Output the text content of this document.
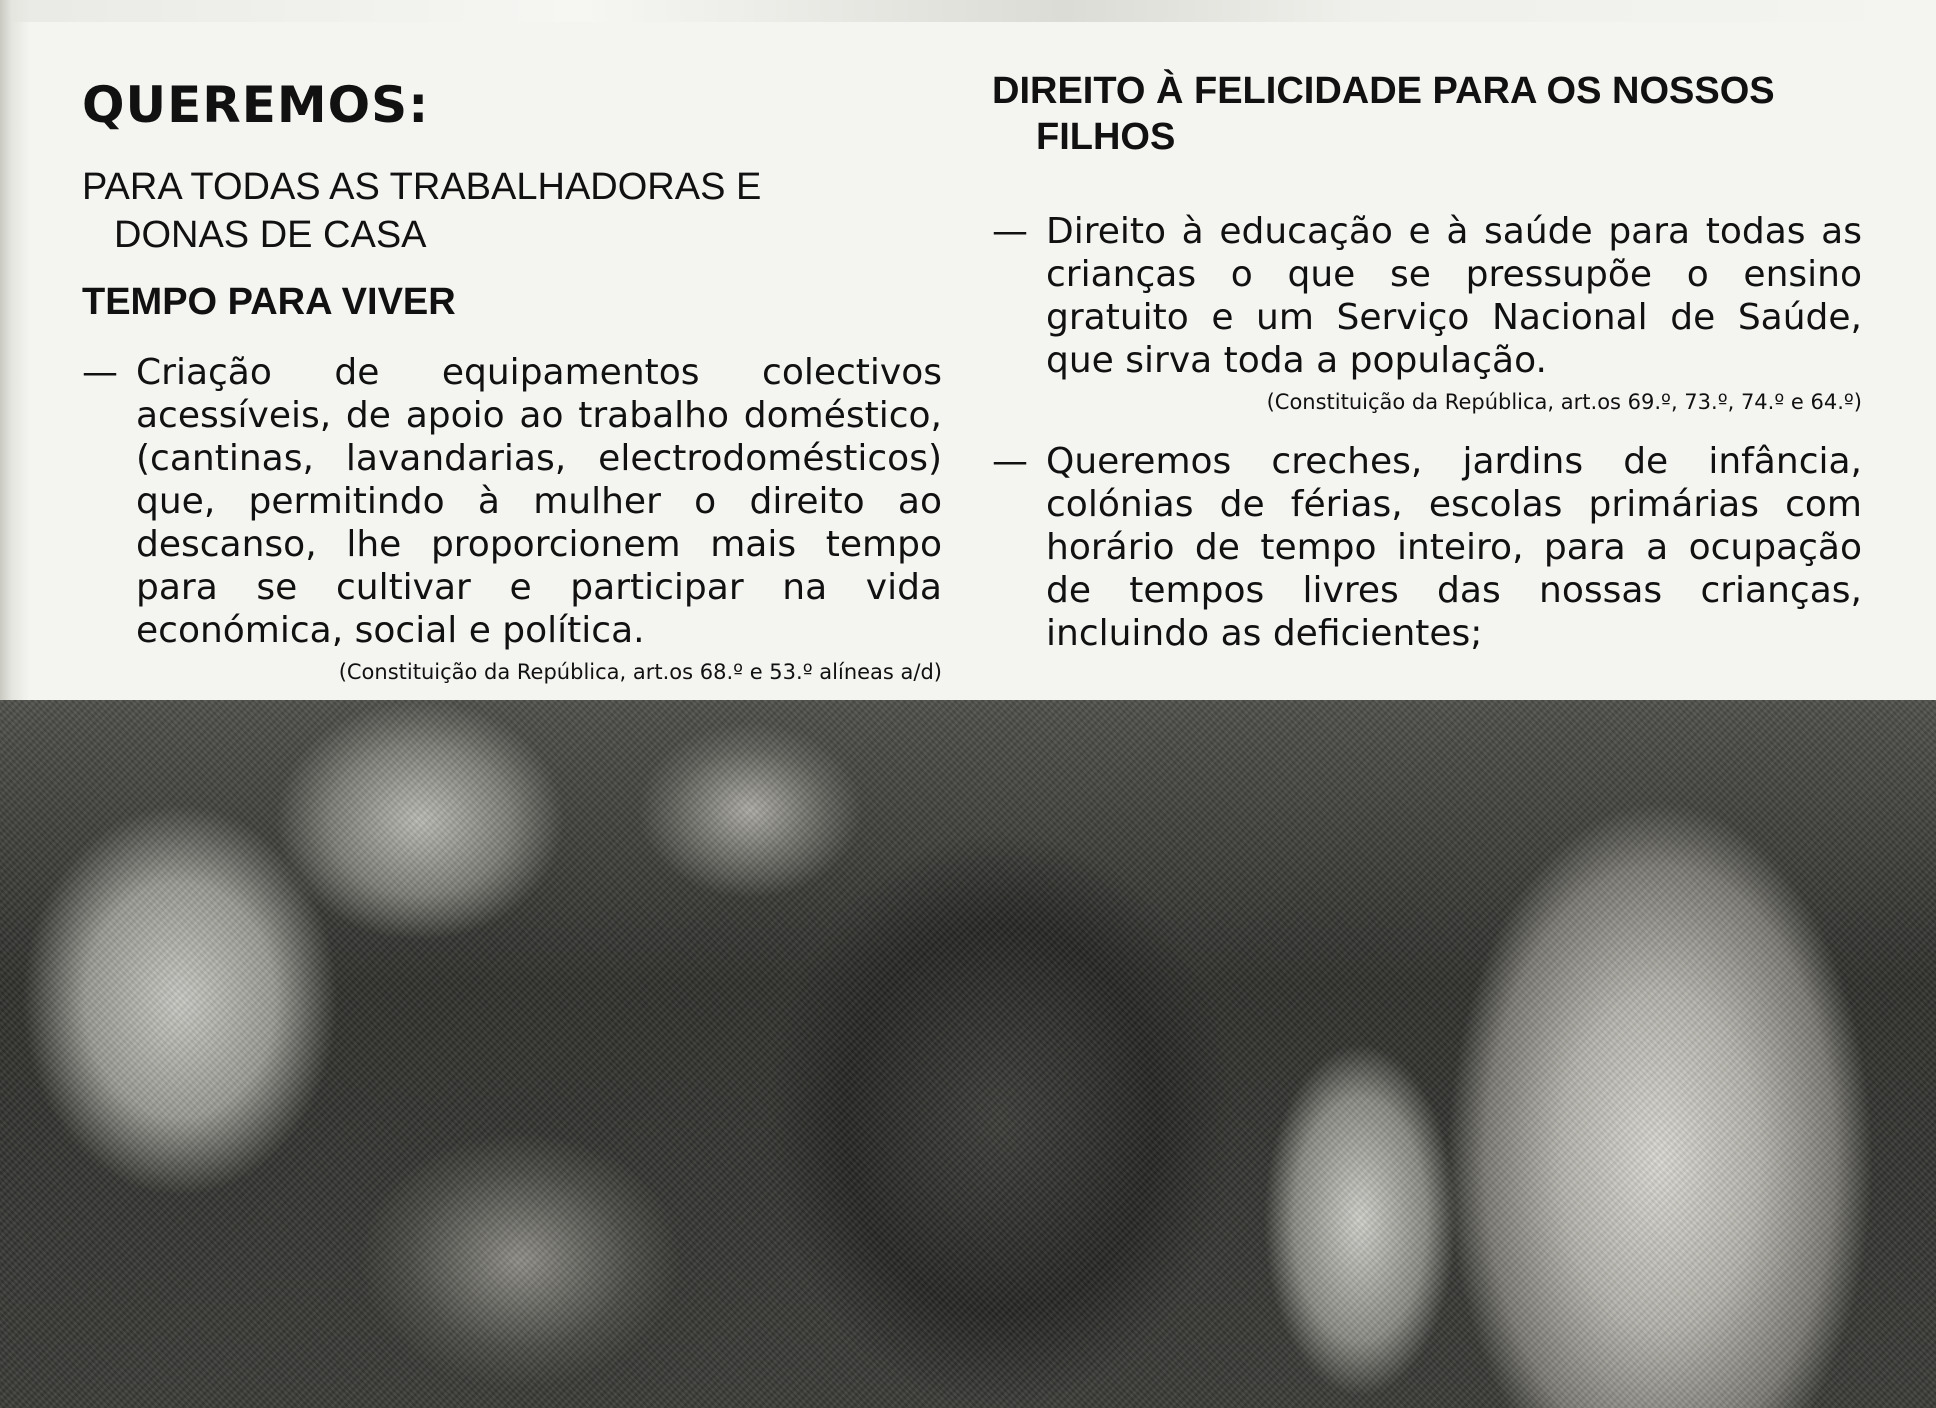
QUEREMOS:
PARA TODAS AS TRABALHADORAS E DONAS DE CASA
TEMPO PARA VIVER
— Criação de equipamentos colectivos acessíveis, de apoio ao trabalho doméstico, (cantinas, lavandarias, electrodomésticos) que, permitindo à mulher o direito ao descanso, lhe proporcionem mais tempo para se cultivar e participar na vida económica, social e política.
(Constituição da República, art.os 68.º e 53.º alíneas a/d)
DIREITO À FELICIDADE PARA OS NOSSOS FILHOS
— Direito à educação e à saúde para todas as crianças o que se pressupõe o ensino gratuito e um Serviço Nacional de Saúde, que sirva toda a população.
(Constituição da República, art.os 69.º, 73.º, 74.º e 64.º)
— Queremos creches, jardins de infância, colónias de férias, escolas primárias com horário de tempo inteiro, para a ocupação de tempos livres das nossas crianças, incluindo as deficientes;
